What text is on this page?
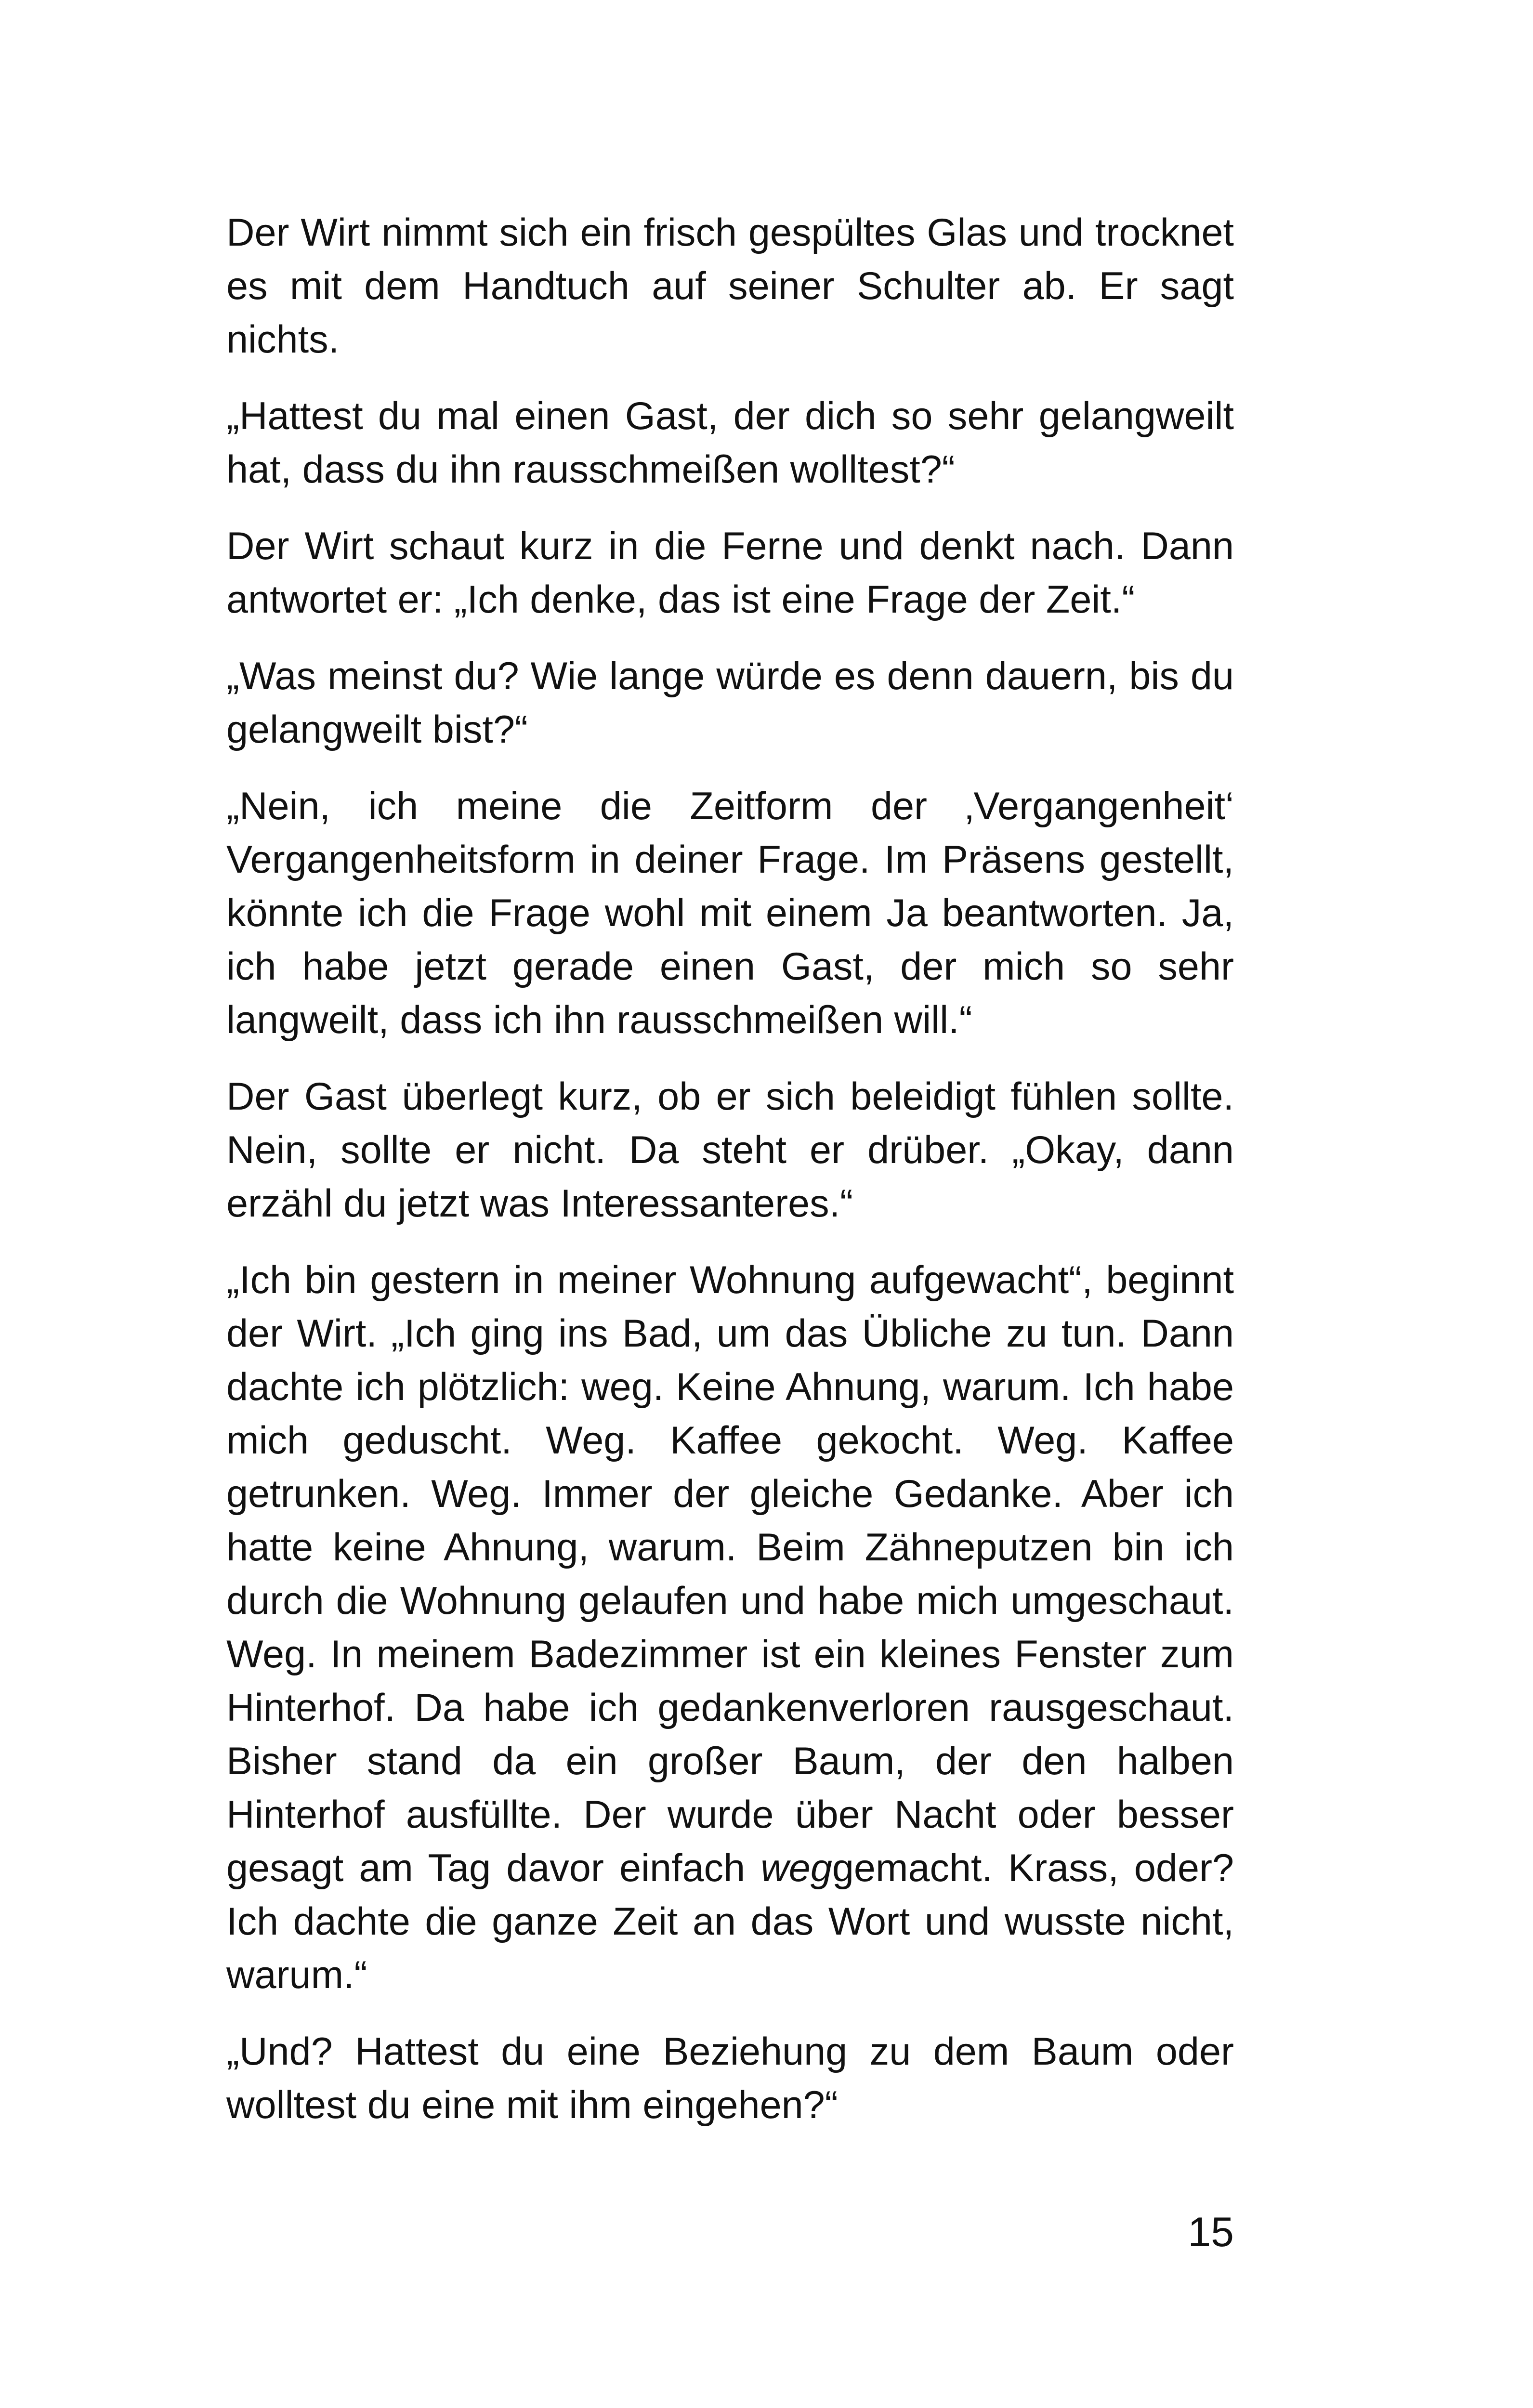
Der Wirt nimmt sich ein frisch gespültes Glas und trocknet es mit dem Handtuch auf seiner Schulter ab. Er sagt nichts.

„Hattest du mal einen Gast, der dich so sehr gelangweilt hat, dass du ihn rausschmeißen wolltest?“

Der Wirt schaut kurz in die Ferne und denkt nach. Dann antwortet er: „Ich denke, das ist eine Frage der Zeit.“

„Was meinst du? Wie lange würde es denn dauern, bis du gelangweilt bist?“

„Nein, ich meine die Zeitform der ‚Vergangenheit‘ Vergangenheitsform in deiner Frage. Im Präsens gestellt, könnte ich die Frage wohl mit einem Ja beantworten. Ja, ich habe jetzt gerade einen Gast, der mich so sehr langweilt, dass ich ihn rausschmeißen will.“

Der Gast überlegt kurz, ob er sich beleidigt fühlen sollte. Nein, sollte er nicht. Da steht er drüber. „Okay, dann erzähl du jetzt was Interessanteres.“

„Ich bin gestern in meiner Wohnung aufgewacht“, beginnt der Wirt. „Ich ging ins Bad, um das Übliche zu tun. Dann dachte ich plötzlich: weg. Keine Ahnung, warum. Ich habe mich geduscht. Weg. Kaffee gekocht. Weg. Kaffee getrunken. Weg. Immer der gleiche Gedanke. Aber ich hatte keine Ahnung, warum. Beim Zähneputzen bin ich durch die Wohnung gelaufen und habe mich umgeschaut. Weg. In meinem Badezimmer ist ein kleines Fenster zum Hinterhof. Da habe ich gedankenverloren rausgeschaut. Bisher stand da ein großer Baum, der den halben Hinterhof ausfüllte. Der wurde über Nacht oder besser gesagt am Tag davor einfach weggemacht. Krass, oder? Ich dachte die ganze Zeit an das Wort und wusste nicht, warum.“

„Und? Hattest du eine Beziehung zu dem Baum oder wolltest du eine mit ihm eingehen?“

15
